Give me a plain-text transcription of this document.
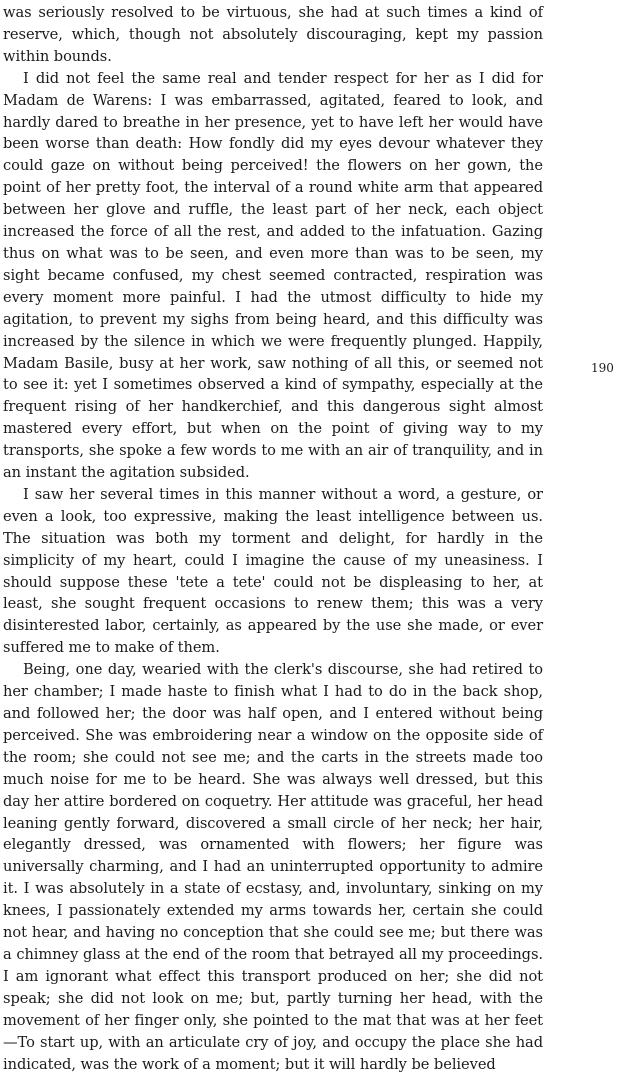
was seriously resolved to be virtuous, she had at such times a kind of reserve, which, though not absolutely discouraging, kept my passion within bounds.

I did not feel the same real and tender respect for her as I did for Madam de Warens: I was embarrassed, agitated, feared to look, and hardly dared to breathe in her presence, yet to have left her would have been worse than death: How fondly did my eyes devour whatever they could gaze on without being perceived! the flowers on her gown, the point of her pretty foot, the interval of a round white arm that appeared between her glove and ruffle, the least part of her neck, each object increased the force of all the rest, and added to the infatuation. Gazing thus on what was to be seen, and even more than was to be seen, my sight became confused, my chest seemed contracted, respiration was every moment more painful. I had the utmost difficulty to hide my agitation, to prevent my sighs from being heard, and this difficulty was increased by the silence in which we were frequently plunged. Happily, Madam Basile, busy at her work, saw nothing of all this, or seemed not to see it: yet I sometimes observed a kind of sympathy, especially at the frequent rising of her handkerchief, and this dangerous sight almost mastered every effort, but when on the point of giving way to my transports, she spoke a few words to me with an air of tranquility, and in an instant the agitation subsided.

I saw her several times in this manner without a word, a gesture, or even a look, too expressive, making the least intelligence between us. The situation was both my torment and delight, for hardly in the simplicity of my heart, could I imagine the cause of my uneasiness. I should suppose these 'tete a tete' could not be displeasing to her, at least, she sought frequent occasions to renew them; this was a very disinterested labor, certainly, as appeared by the use she made, or ever suffered me to make of them.

Being, one day, wearied with the clerk's discourse, she had retired to her chamber; I made haste to finish what I had to do in the back shop, and followed her; the door was half open, and I entered without being perceived. She was embroidering near a window on the opposite side of the room; she could not see me; and the carts in the streets made too much noise for me to be heard. She was always well dressed, but this day her attire bordered on coquetry. Her attitude was graceful, her head leaning gently forward, discovered a small circle of her neck; her hair, elegantly dressed, was ornamented with flowers; her figure was universally charming, and I had an uninterrupted opportunity to admire it. I was absolutely in a state of ecstasy, and, involuntary, sinking on my knees, I passionately extended my arms towards her, certain she could not hear, and having no conception that she could see me; but there was a chimney glass at the end of the room that betrayed all my proceedings. I am ignorant what effect this transport produced on her; she did not speak; she did not look on me; but, partly turning her head, with the movement of her finger only, she pointed to the mat that was at her feet—To start up, with an articulate cry of joy, and occupy the place she had indicated, was the work of a moment; but it will hardly be believed

190
